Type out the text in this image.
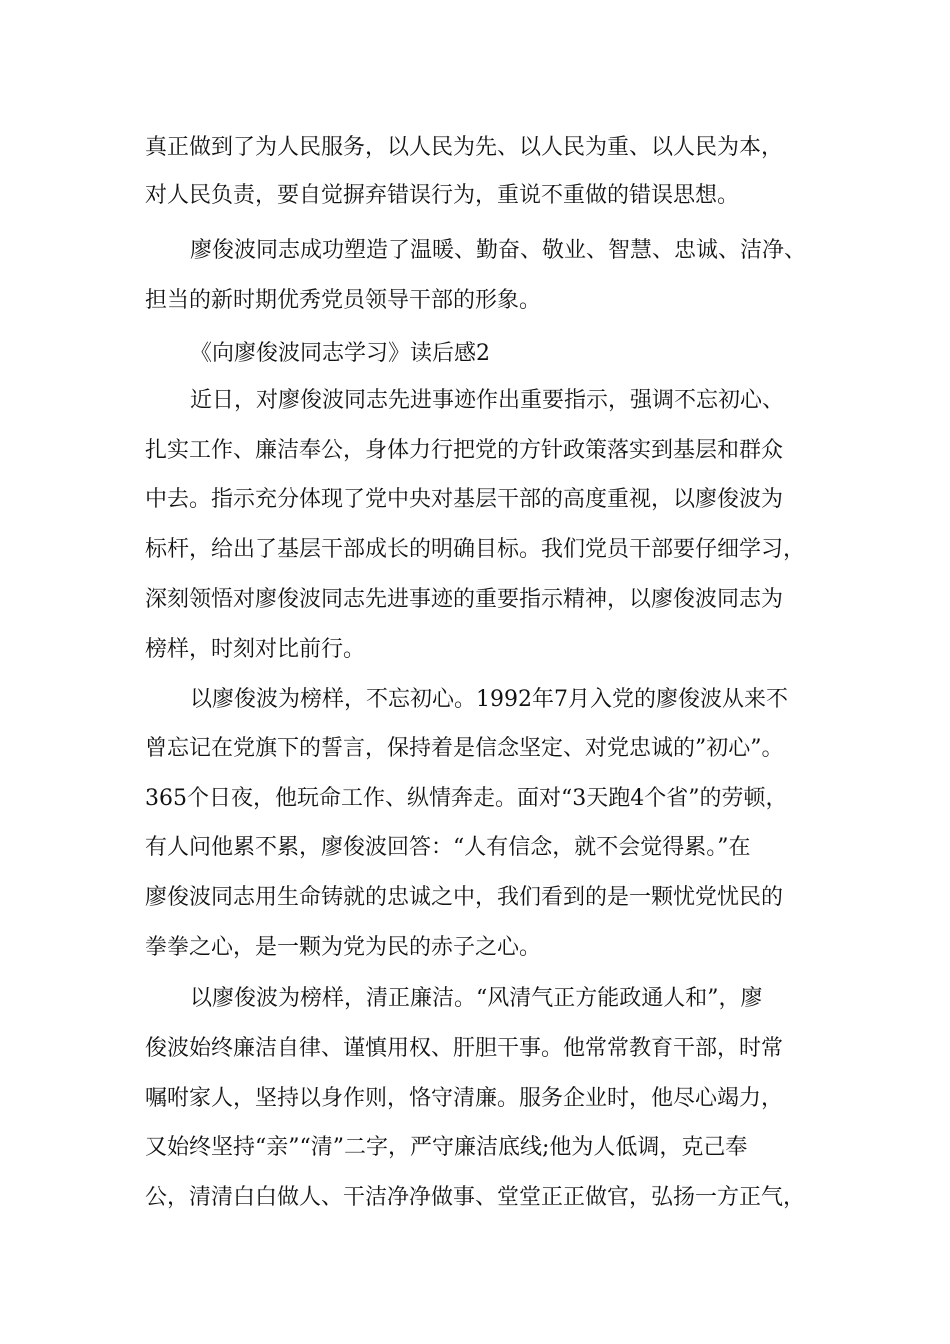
真正做到了为人民服务，以人民为先、以人民为重、以人民为本，
对人民负责，要自觉摒弃错误行为，重说不重做的错误思想。
廖俊波同志成功塑造了温暖、勤奋、敬业、智慧、忠诚、洁净、
担当的新时期优秀党员领导干部的形象。
《向廖俊波同志学习》读后感2
近日，对廖俊波同志先进事迹作出重要指示，强调不忘初心、
扎实工作、廉洁奉公，身体力行把党的方针政策落实到基层和群众
中去。指示充分体现了党中央对基层干部的高度重视，以廖俊波为
标杆，给出了基层干部成长的明确目标。我们党员干部要仔细学习，
深刻领悟对廖俊波同志先进事迹的重要指示精神，以廖俊波同志为
榜样，时刻对比前行。
以廖俊波为榜样，不忘初心。1992年7月入党的廖俊波从来不
曾忘记在党旗下的誓言，保持着是信念坚定、对党忠诚的”初心”。
365个日夜，他玩命工作、纵情奔走。面对“3天跑4个省”的劳顿，
有人问他累不累，廖俊波回答：“人有信念，就不会觉得累。”在
廖俊波同志用生命铸就的忠诚之中，我们看到的是一颗忧党忧民的
拳拳之心，是一颗为党为民的赤子之心。
以廖俊波为榜样，清正廉洁。“风清气正方能政通人和”，廖
俊波始终廉洁自律、谨慎用权、肝胆干事。他常常教育干部，时常
嘱咐家人，坚持以身作则，恪守清廉。服务企业时，他尽心竭力，
又始终坚持“亲”“清”二字，严守廉洁底线;他为人低调，克己奉
公，清清白白做人、干洁净净做事、堂堂正正做官，弘扬一方正气，
